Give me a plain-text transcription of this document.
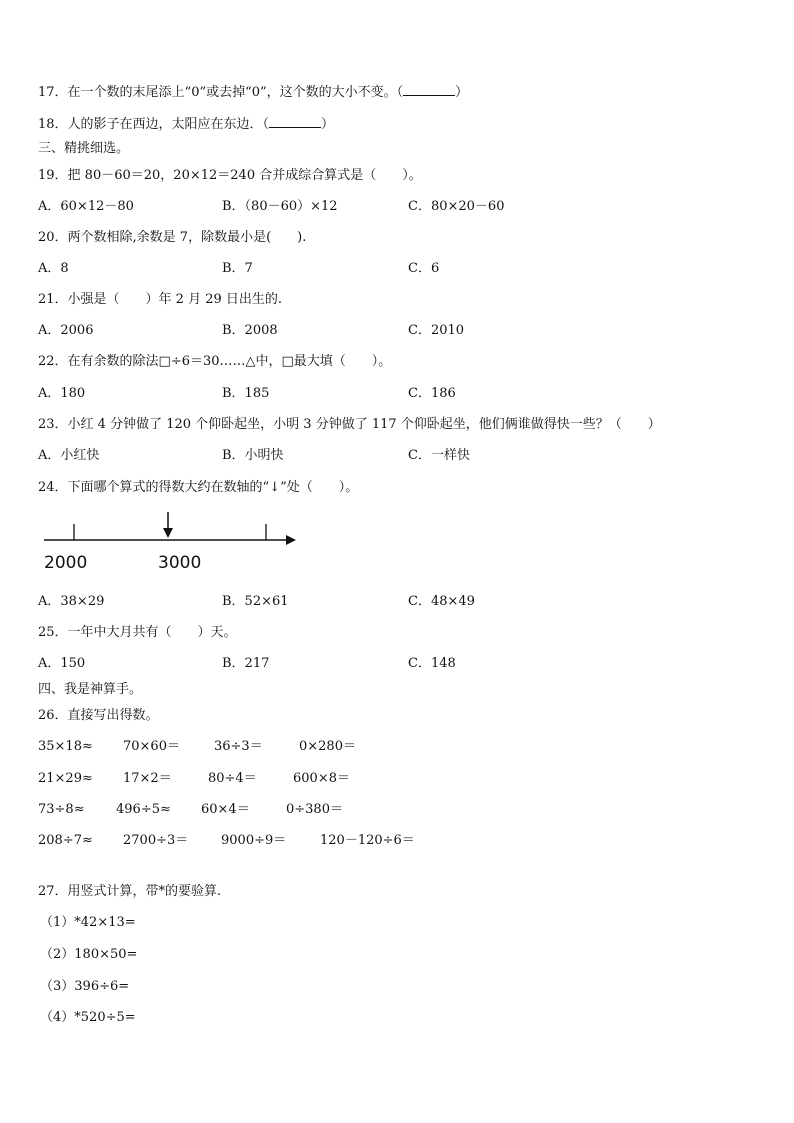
17．在一个数的末尾添上“0”或去掉“0”，这个数的大小不变。（	）
18．人的影子在西边，太阳应在东边．（	）
三、精挑细选。
19．把 80－60＝20，20×12＝240 合并成综合算式是（　　）。
A．60×12－80	B．（80－60）×12	C．80×20－60
20．两个数相除,余数是 7，除数最小是(　　).
A．8	B．7	C．6
21．小强是（　　）年 2 月 29 日出生的.
A．2006	B．2008	C．2010
22．在有余数的除法□÷6＝30……△中，□最大填（　　）。
A．180	B．185	C．186
23．小红 4 分钟做了 120 个仰卧起坐，小明 3 分钟做了 117 个仰卧起坐，他们俩谁做得快一些？（　　）
A．小红快	B．小明快	C．一样快
24．下面哪个算式的得数大约在数轴的“↓”处（　　）。
2000	3000
A．38×29	B．52×61	C．48×49
25．一年中大月共有（　　）天。
A．150	B．217	C．148
四、我是神算手。
26．直接写出得数。
35×18≈ 70×60＝	36÷3＝	0×280＝
21×29≈ 17×2＝	80÷4＝	600×8＝
73÷8≈ 496÷5≈ 60×4＝	0÷380＝
208÷7≈ 2700÷3＝	9000÷9＝	120－120÷6＝
27．用竖式计算，带*的要验算.
（1）*42×13=
（2）180×50=
（3）396÷6=
（4）*520÷5=
